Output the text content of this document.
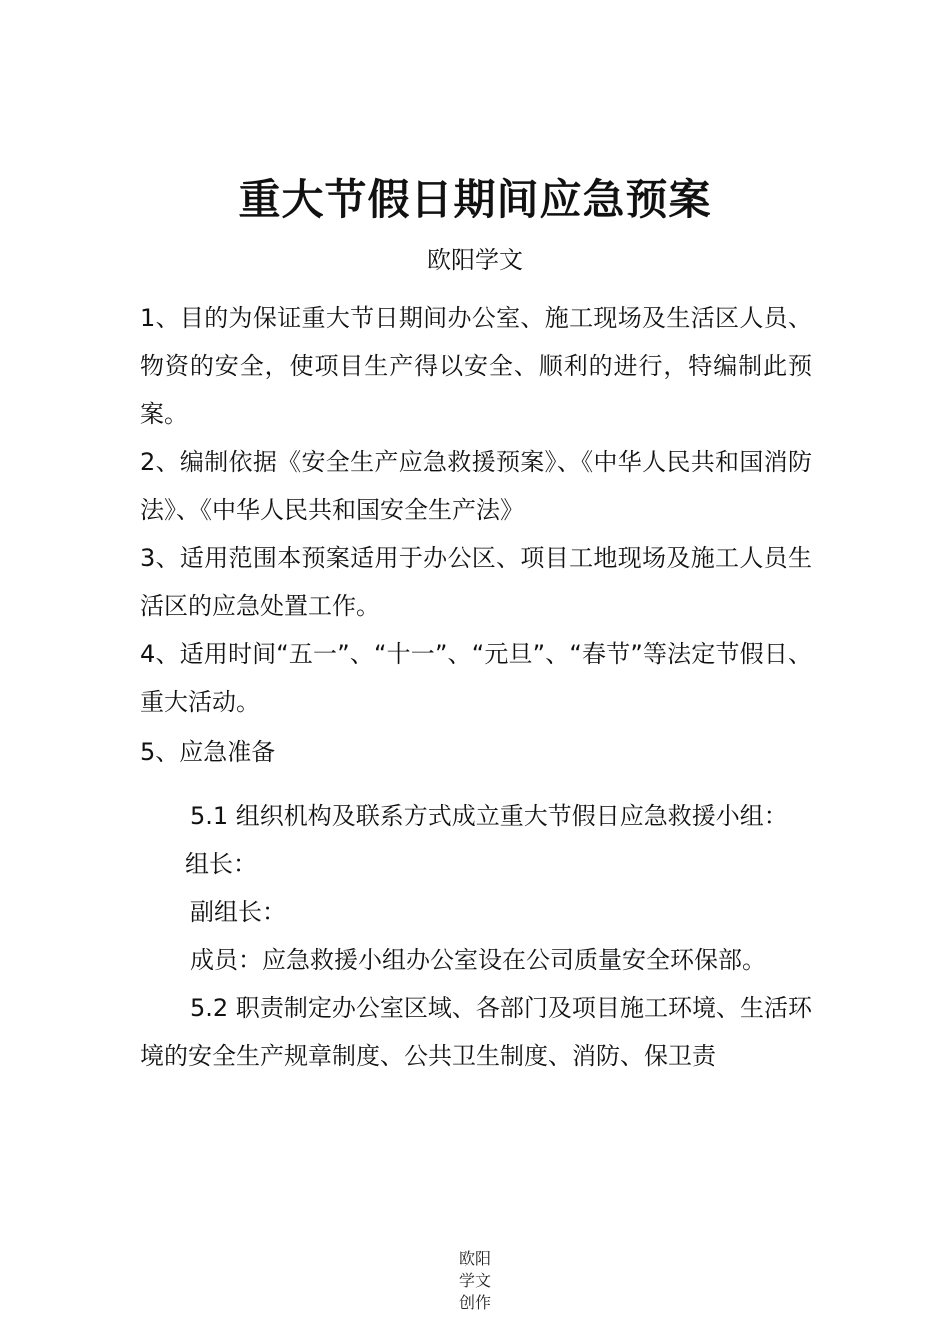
重大节假日期间应急预案
欧阳学文

1、目的为保证重大节日期间办公室、施工现场及生活区人员、物资的安全，使项目生产得以安全、顺利的进行，特编制此预案。

2、编制依据《安全生产应急救援预案》、《中华人民共和国消防法》、《中华人民共和国安全生产法》

3、适用范围本预案适用于办公区、项目工地现场及施工人员生活区的应急处置工作。

4、适用时间“五一”、“十一”、“元旦”、“春节”等法定节假日、重大活动。

5、应急准备

5.1 组织机构及联系方式成立重大节假日应急救援小组：

组长：

副组长：

成员：应急救援小组办公室设在公司质量安全环保部。

5.2 职责制定办公室区域、各部门及项目施工环境、生活环境的安全生产规章制度、公共卫生制度、消防、保卫责

欧阳
学文
创作
